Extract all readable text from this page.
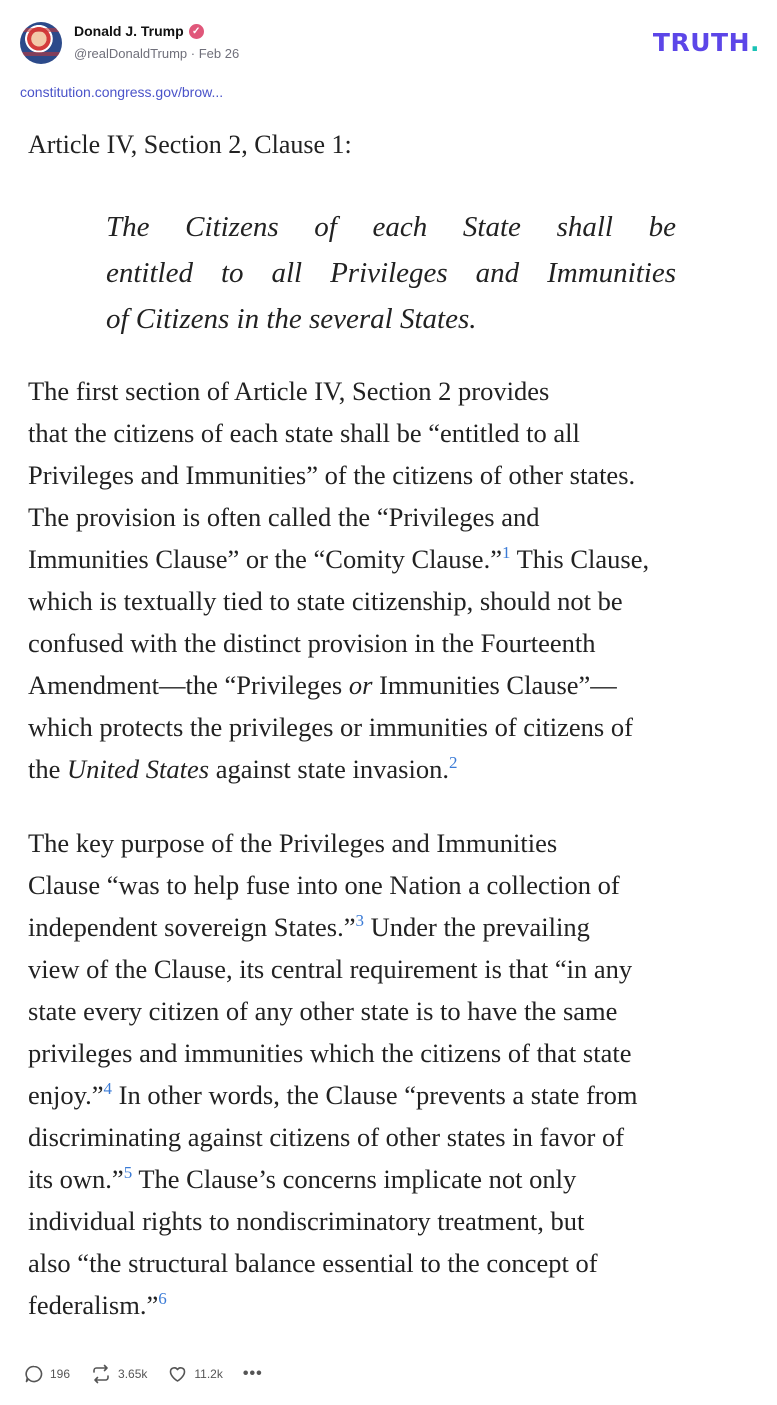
Donald J. Trump ✓
@realDonaldTrump · Feb 26	TRUTH.
constitution.congress.gov/brow...
Article IV, Section 2, Clause 1:
The Citizens of each State shall be
entitled to all Privileges and Immunities
of Citizens in the several States.
The first section of Article IV, Section 2 provides
that the citizens of each state shall be “entitled to all
Privileges and Immunities” of the citizens of other states.
The provision is often called the “Privileges and
Immunities Clause” or the “Comity Clause.”$^1$ This Clause,
which is textually tied to state citizenship, should not be
confused with the distinct provision in the Fourteenth
Amendment—the “Privileges or Immunities Clause”—
which protects the privileges or immunities of citizens of
the United States against state invasion.$^2$
The key purpose of the Privileges and Immunities
Clause “was to help fuse into one Nation a collection of
independent sovereign States.”$^3$ Under the prevailing
view of the Clause, its central requirement is that “in any
state every citizen of any other state is to have the same
privileges and immunities which the citizens of that state
enjoy.”$^4$ In other words, the Clause “prevents a state from
discriminating against citizens of other states in favor of
its own.”$^5$ The Clause’s concerns implicate not only
individual rights to nondiscriminatory treatment, but
also “the structural balance essential to the concept of
federalism.”$^6$
196	3.65k	11.2k •••
